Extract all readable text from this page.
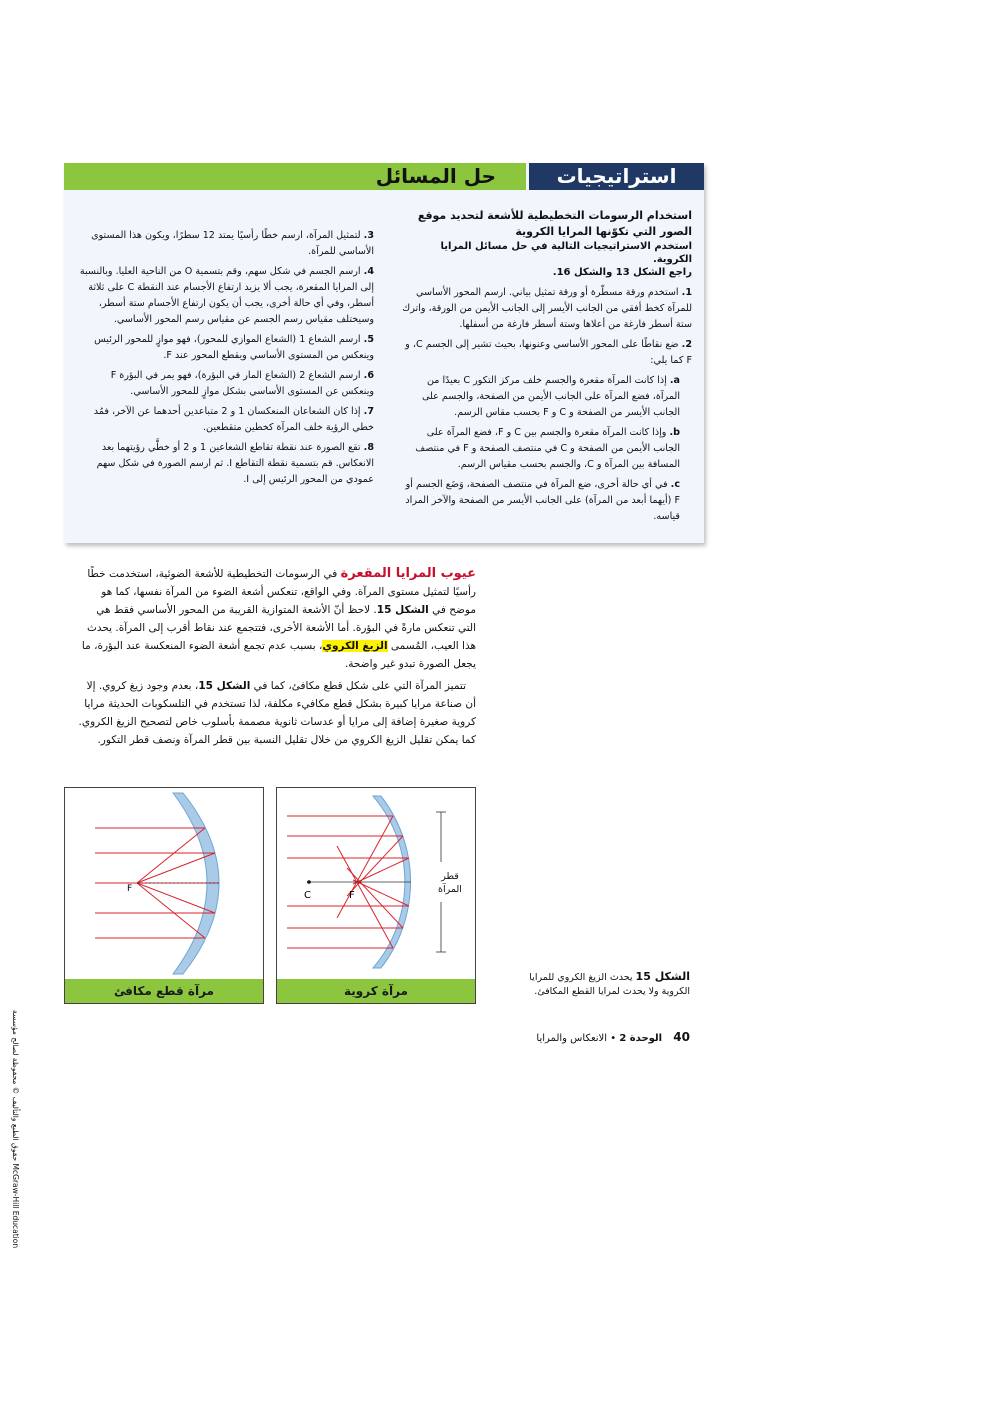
حل المسائل	استراتيجيات
استخدام الرسومات التخطيطية للأشعة لتحديد موقع
الصور التي تكوّنها المرايا الكروية
استخدم الاستراتيجيات التالية في حل مسائل المرايا الكروية.
راجع الشكل 13 والشكل 16.
1. استخدم ورقة مسطّرة أو ورقة تمثيل بياني. ارسم المحور الأساسي للمرآة كخط أفقي من الجانب الأيسر إلى الجانب الأيمن من الورقة، واترك ستة أسطر فارغة من أعلاها وستة أسطر فارغة من أسفلها.
2. ضع نقاطًا على المحور الأساسي وعنونها، بحيث تشير إلى الجسم C، و F كما يلي:
a. إذا كانت المرآة مقعرة والجسم خلف مركز التكور C بعيدًا من المرآة، فضع المرآة على الجانب الأيمن من الصفحة، والجسم على الجانب الأيسر من الصفحة و C و F بحسب مقاس الرسم.
b. وإذا كانت المرآة مقعرة والجسم بين C و F، فضع المرآة على الجانب الأيمن من الصفحة و C في منتصف الصفحة و F في منتصف المسافة بين المرآة و C، والجسم بحسب مقياس الرسم.
c. في أي حالة أخرى، ضع المرآة في منتصف الصفحة، وَضَع الجسم أو F (أيهما أبعد من المرآة) على الجانب الأيسر من الصفحة والآخر المراد قياسه.
3. لتمثيل المرآة، ارسم خطًا رأسيًا يمتد 12 سطرًا، ويكون هذا المستوى الأساسي للمرآة.
4. ارسم الجسم في شكل سهم، وقم بتسمية O من الناحية العليا. وبالنسبة إلى المرايا المقعرة، يجب ألا يزيد ارتفاع الأجسام عند النقطة C على ثلاثة أسطر، وفي أي حالة أخرى، يجب أن يكون ارتفاع الأجسام ستة أسطر، وسيختلف مقياس رسم الجسم عن مقياس رسم المحور الأساسي.
5. ارسم الشعاع 1 (الشعاع الموازي للمحور)، فهو موازٍ للمحور الرئيس وينعكس من المستوى الأساسي ويقطع المحور عند F.
6. ارسم الشعاع 2 (الشعاع المار في البؤرة)، فهو يمر في البؤرة F وينعكس عن المستوى الأساسي بشكل موازٍ للمحور الأساسي.
7. إذا كان الشعاعان المنعكسان 1 و 2 متباعدين أحدهما عن الآخر، فمُد خطي الرؤية خلف المرآة كخطين متقطعين.
8. تقع الصورة عند نقطة تقاطع الشعاعين 1 و 2 أو خطَّي رؤيتهما بعد الانعكاس. قم بتسمية نقطة التقاطع I. ثم ارسم الصورة في شكل سهم عمودي من المحور الرئيس إلى I.

عيوب المرايا المقعرة في الرسومات التخطيطية للأشعة الضوئية، استخدمت خطًا رأسيًا لتمثيل مستوى المرآة. وفي الواقع، تنعكس أشعة الضوء من المرآة نفسها، كما هو موضح في الشكل 15. لاحظ أنّ الأشعة المتوازية القريبة من المحور الأساسي فقط هي التي تنعكس مارةً في البؤرة. أما الأشعة الأخرى، فتتجمع عند نقاط أقرب إلى المرآة. يحدث هذا العيب، المُسمى الزيغ الكروي، بسبب عدم تجمع أشعة الضوء المنعكسة عند البؤرة، ما يجعل الصورة تبدو غير واضحة.

تتميز المرآة التي على شكل قطع مكافئ، كما في الشكل 15، بعدم وجود زيغ كروي. إلا أن صناعة مرايا كبيرة بشكل قطع مكافيء مكلفة، لذا تستخدم في التلسكوبات الحديثة مرايا كروية صغيرة إضافة إلى مرايا أو عدسات ثانوية مصممة بأسلوب خاص لتصحيح الزيغ الكروي. كما يمكن تقليل الزيغ الكروي من خلال تقليل النسبة بين قطر المرآة ونصف قطر التكور.

F
مرآة قطع مكافئ
C	F
قطر
المرآة
مرآة كروية
الشكل 15 يحدث الزيغ الكروي للمرايا الكروية ولا يحدث لمرايا القطع المكافئ.
حقوق الطبع والتأليف © محفوظة لصالح مؤسسة McGraw-Hill Education
40 الوحدة 2 • الانعكاس والمرايا
